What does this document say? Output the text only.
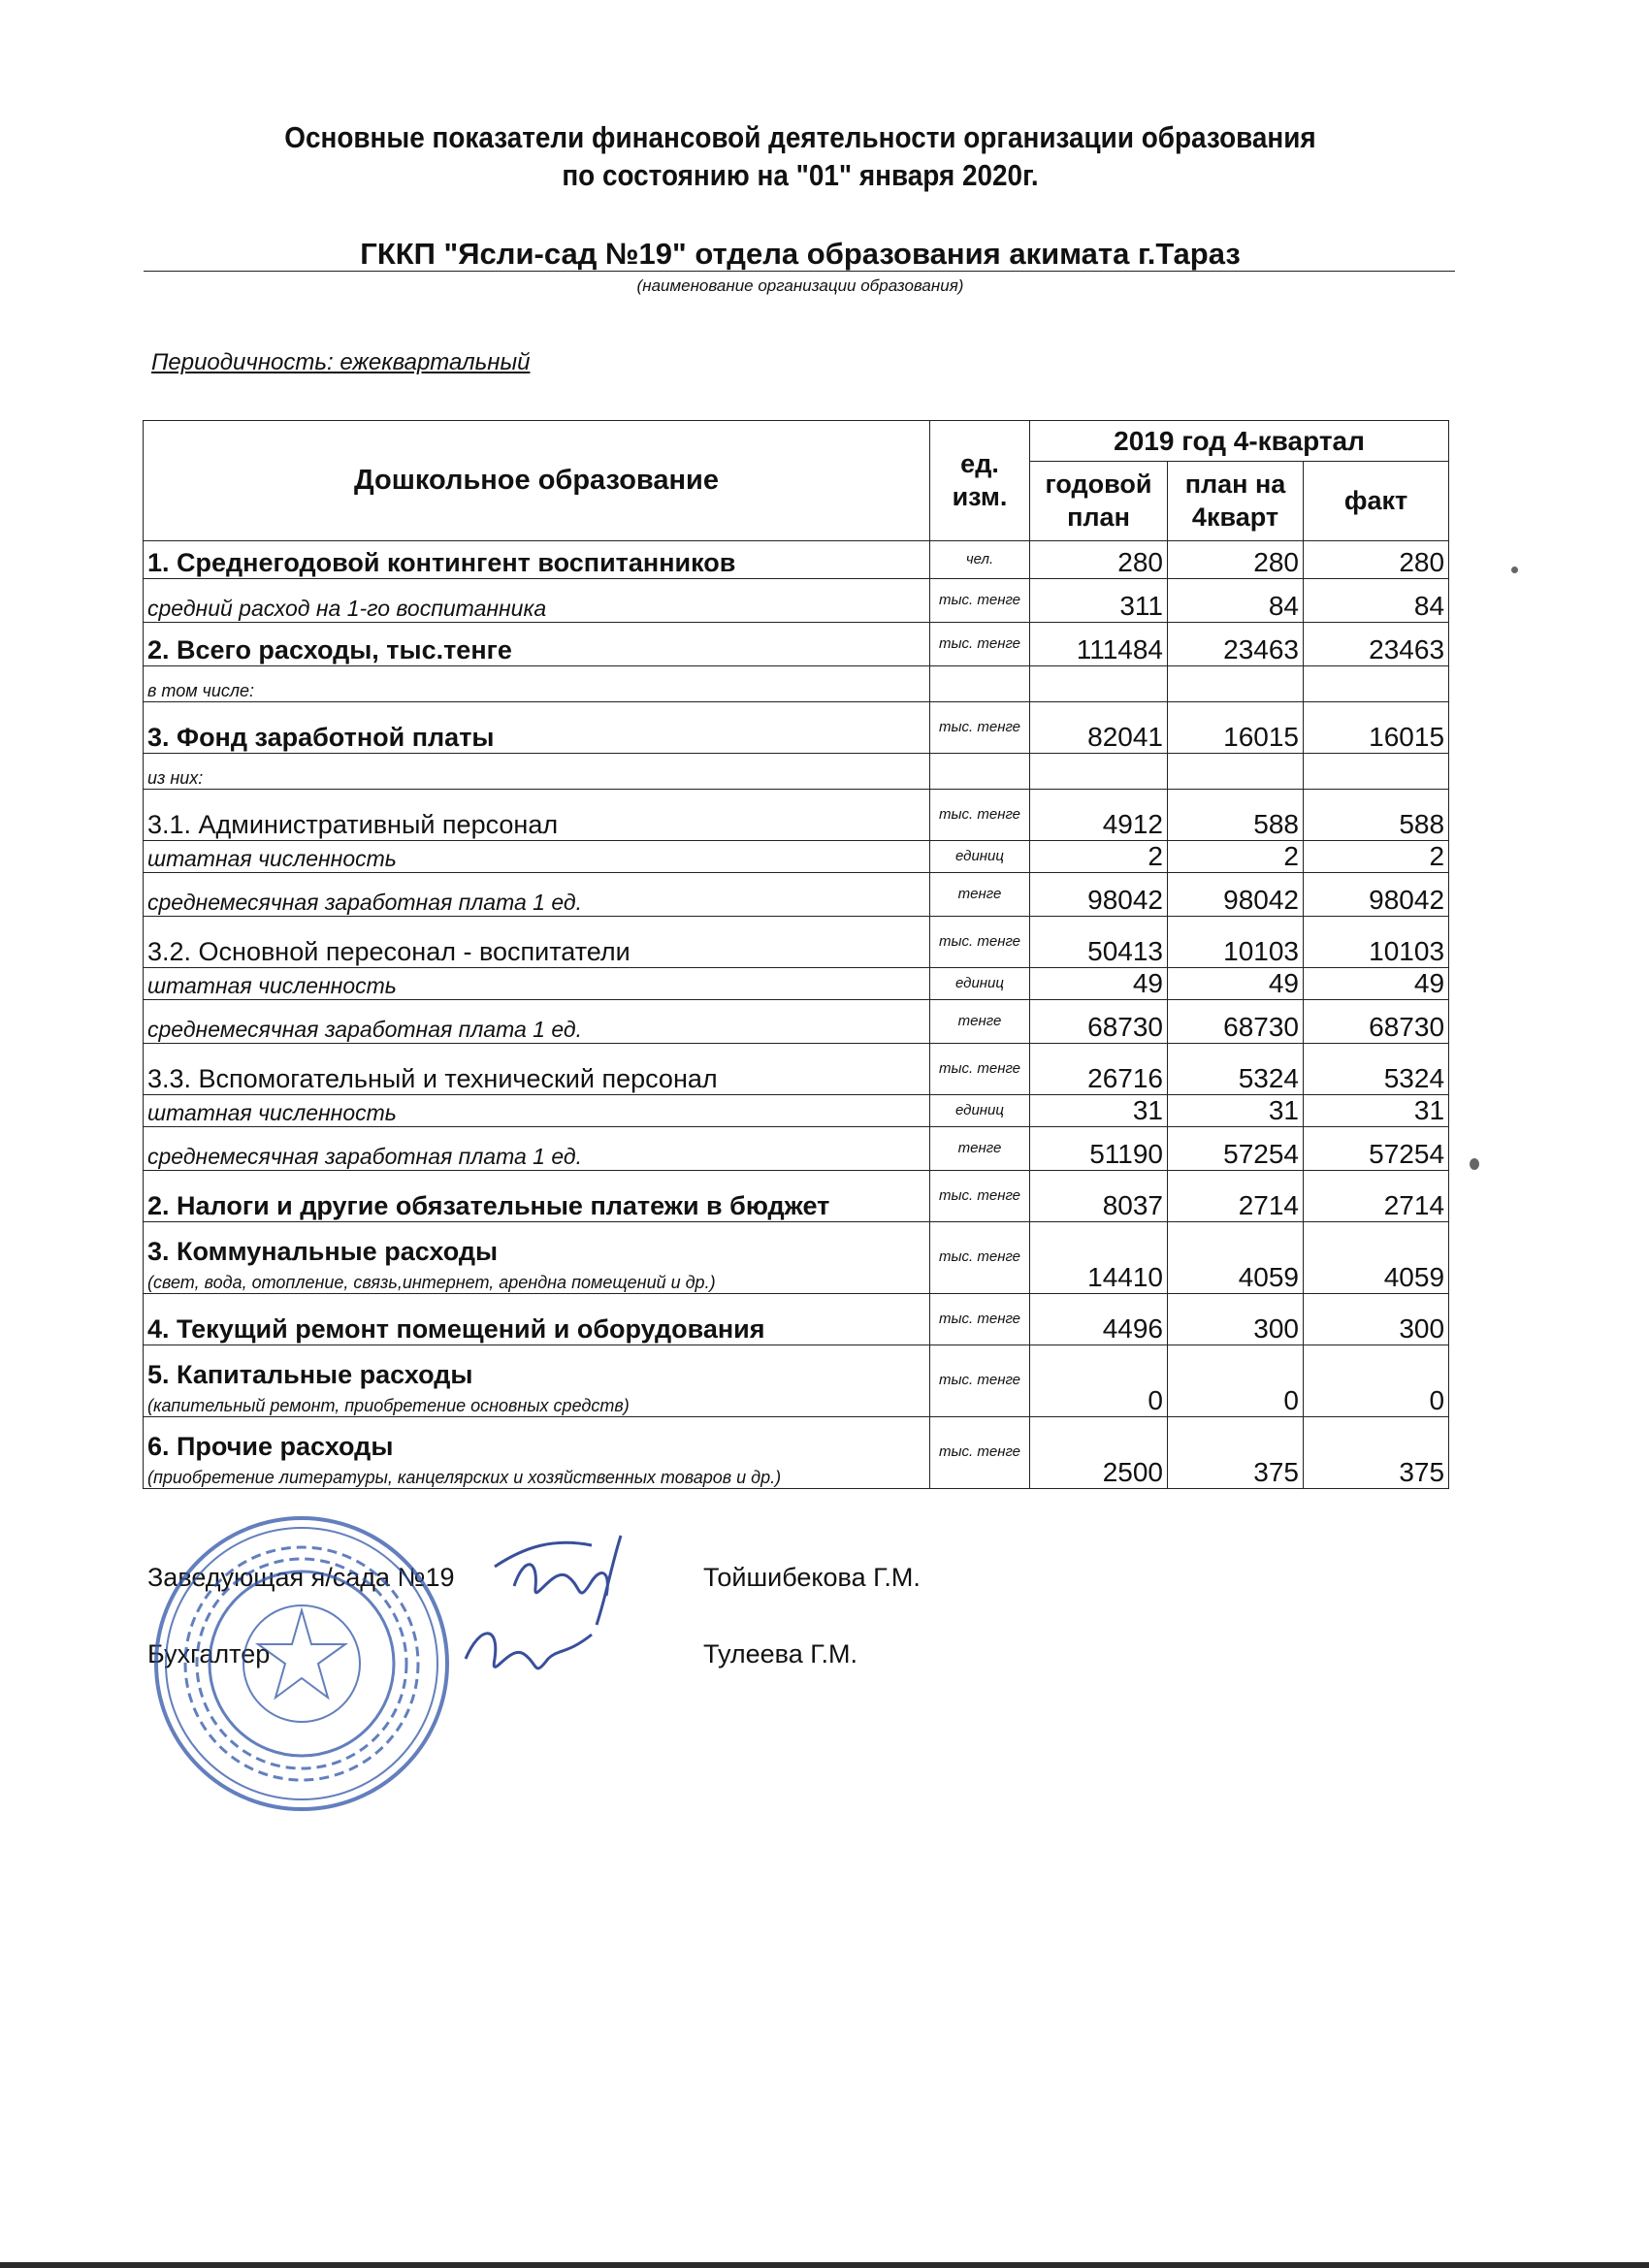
Основные показатели финансовой деятельности организации образования
по состоянию на "01" января 2020г.
ГККП "Ясли-сад №19" отдела образования акимата г.Тараз
(наименование организации образования)
Периодичность: ежеквартальный
Дошкольное образование	ед. изм.	2019 год 4-квартал		
		годовой план	план на 4кварт	факт
1. Среднегодовой контингент воспитанников	чел.	280	280	280
средний расход на 1-го воспитанника	тыс. тенге	311	84	84
2. Всего расходы, тыс.тенге	тыс. тенге	111484	23463	23463
в том числе:				
3. Фонд заработной платы	тыс. тенге	82041	16015	16015
из них:				
3.1. Административный персонал	тыс. тенге	4912	588	588
штатная численность	единиц	2	2	2
среднемесячная заработная плата 1 ед.	тенге	98042	98042	98042
3.2. Основной пересонал - воспитатели	тыс. тенге	50413	10103	10103
штатная численность	единиц	49	49	49
среднемесячная заработная плата 1 ед.	тенге	68730	68730	68730
3.3. Вспомогательный и технический персонал	тыс. тенге	26716	5324	5324
штатная численность	единиц	31	31	31
среднемесячная заработная плата 1 ед.	тенге	51190	57254	57254
2. Налоги и другие обязательные платежи в бюджет	тыс. тенге	8037	2714	2714
3. Коммунальные расходы
(свет, вода, отопление, связь,интернет, арендна помещений и др.)	тыс. тенге	14410	4059	4059
4. Текущий ремонт помещений и оборудования	тыс. тенге	4496	300	300
5. Капитальные расходы
(капительный ремонт, приобретение основных средств)	тыс. тенге	0	0	0
6. Прочие расходы
(приобретение литературы, канцелярских и хозяйственных товаров и др.)	тыс. тенге	2500	375	375
Заведующая я/сада №19	Тойшибекова Г.М.
Бухгалтер	Тулеева Г.М.
